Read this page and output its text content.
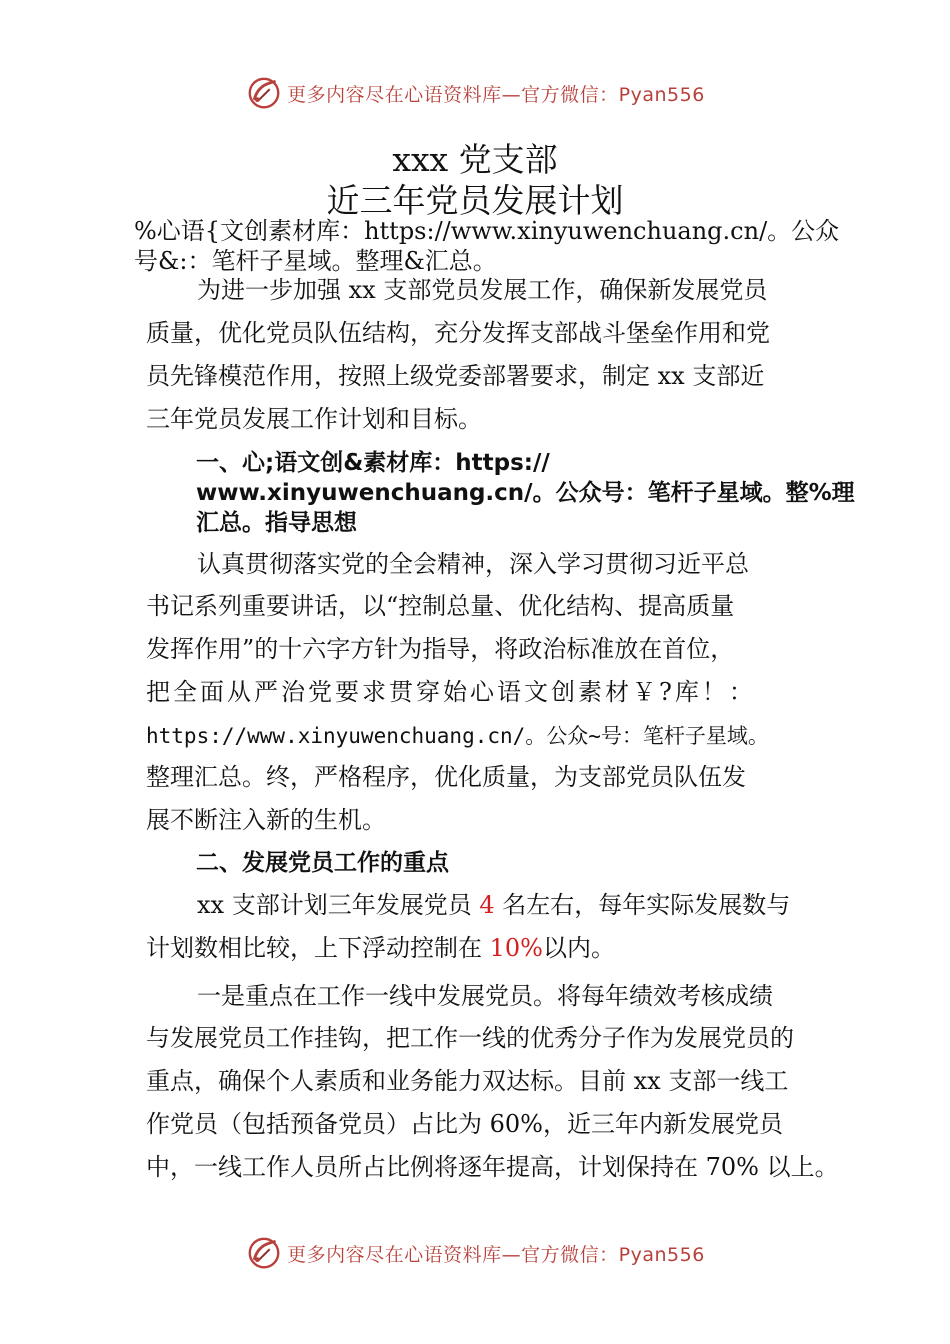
更多内容尽在心语资料库—官方微信：Pyan556
xxx 党支部
近三年党员发展计划
%心语{文创素材库：https://www.xinyuwenchuang.cn/。公众
号&:：笔杆子星域。整理&汇总。
为进一步加强 xx 支部党员发展工作，确保新发展党员
质量，优化党员队伍结构，充分发挥支部战斗堡垒作用和党
员先锋模范作用，按照上级党委部署要求，制定 xx 支部近
三年党员发展工作计划和目标。
一、心;语文创&素材库：https://
www.xinyuwenchuang.cn/。公众号：笔杆子星域。整%理
汇总。指导思想
认真贯彻落实党的全会精神，深入学习贯彻习近平总
书记系列重要讲话，以“控制总量、优化结构、提高质量
发挥作用”的十六字方针为指导，将政治标准放在首位，
把全面从严治党要求贯穿始心语文创素材￥?库！：
https://www.xinyuwenchuang.cn/。公众~号：笔杆子星域。
整理汇总。终，严格程序，优化质量，为支部党员队伍发
展不断注入新的生机。
二、发展党员工作的重点
xx 支部计划三年发展党员 4 名左右，每年实际发展数与
计划数相比较，上下浮动控制在 10%以内。
一是重点在工作一线中发展党员。将每年绩效考核成绩
与发展党员工作挂钩，把工作一线的优秀分子作为发展党员的
重点，确保个人素质和业务能力双达标。目前 xx 支部一线工
作党员（包括预备党员）占比为 60%，近三年内新发展党员
中，一线工作人员所占比例将逐年提高，计划保持在 70% 以上。
更多内容尽在心语资料库—官方微信：Pyan556
